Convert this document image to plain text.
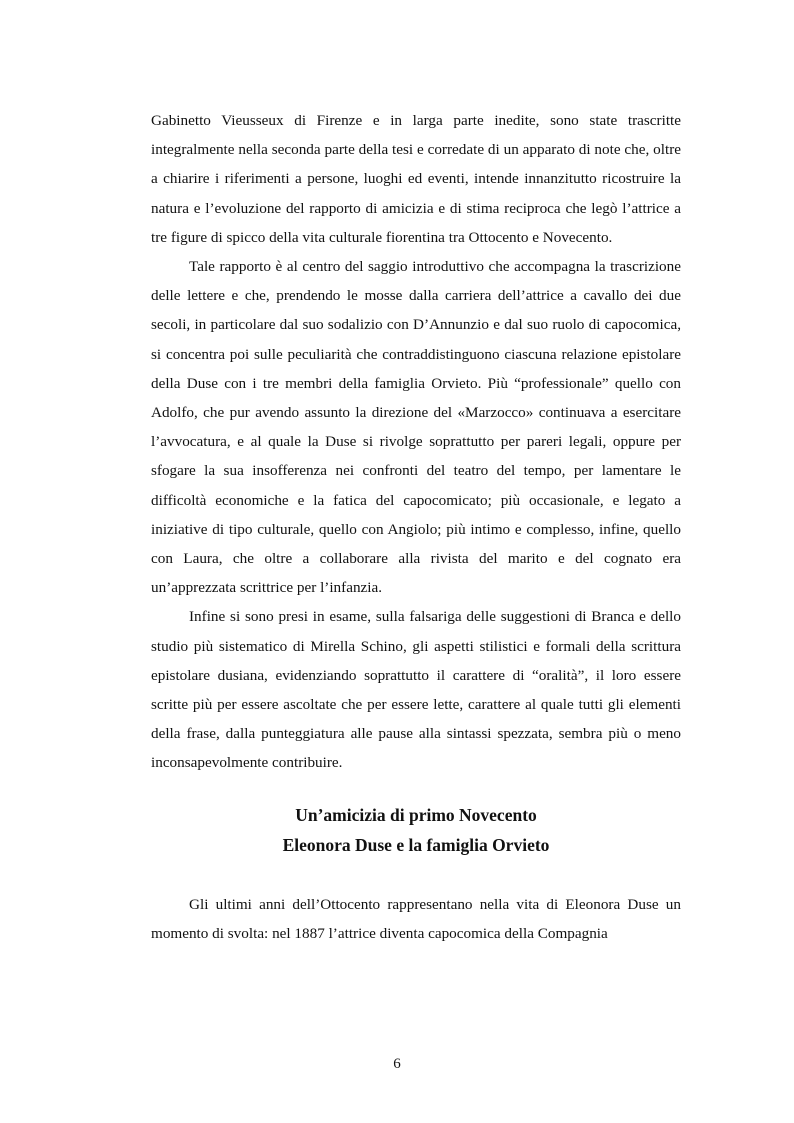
Gabinetto Vieusseux di Firenze e in larga parte inedite, sono state trascritte integralmente nella seconda parte della tesi e corredate di un apparato di note che, oltre a chiarire i riferimenti a persone, luoghi ed eventi, intende innanzitutto ricostruire la natura e l’evoluzione del rapporto di amicizia e di stima reciproca che legò l’attrice a tre figure di spicco della vita culturale fiorentina tra Ottocento e Novecento.

Tale rapporto è al centro del saggio introduttivo che accompagna la trascrizione delle lettere e che, prendendo le mosse dalla carriera dell’attrice a cavallo dei due secoli, in particolare dal suo sodalizio con D’Annunzio e dal suo ruolo di capocomica, si concentra poi sulle peculiarità che contraddistinguono ciascuna relazione epistolare della Duse con i tre membri della famiglia Orvieto. Più “professionale” quello con Adolfo, che pur avendo assunto la direzione del «Marzocco» continuava a esercitare l’avvocatura, e al quale la Duse si rivolge soprattutto per pareri legali, oppure per sfogare la sua insofferenza nei confronti del teatro del tempo, per lamentare le difficoltà economiche e la fatica del capocomicato; più occasionale, e legato a iniziative di tipo culturale, quello con Angiolo; più intimo e complesso, infine, quello con Laura, che oltre a collaborare alla rivista del marito e del cognato era un’apprezzata scrittrice per l’infanzia.

Infine si sono presi in esame, sulla falsariga delle suggestioni di Branca e dello studio più sistematico di Mirella Schino, gli aspetti stilistici e formali della scrittura epistolare dusiana, evidenziando soprattutto il carattere di “oralità”, il loro essere scritte più per essere ascoltate che per essere lette, carattere al quale tutti gli elementi della frase, dalla punteggiatura alle pause alla sintassi spezzata, sembra più o meno inconsapevolmente contribuire.

Un’amicizia di primo Novecento
Eleonora Duse e la famiglia Orvieto

Gli ultimi anni dell’Ottocento rappresentano nella vita di Eleonora Duse un momento di svolta: nel 1887 l’attrice diventa capocomica della Compagnia

6
